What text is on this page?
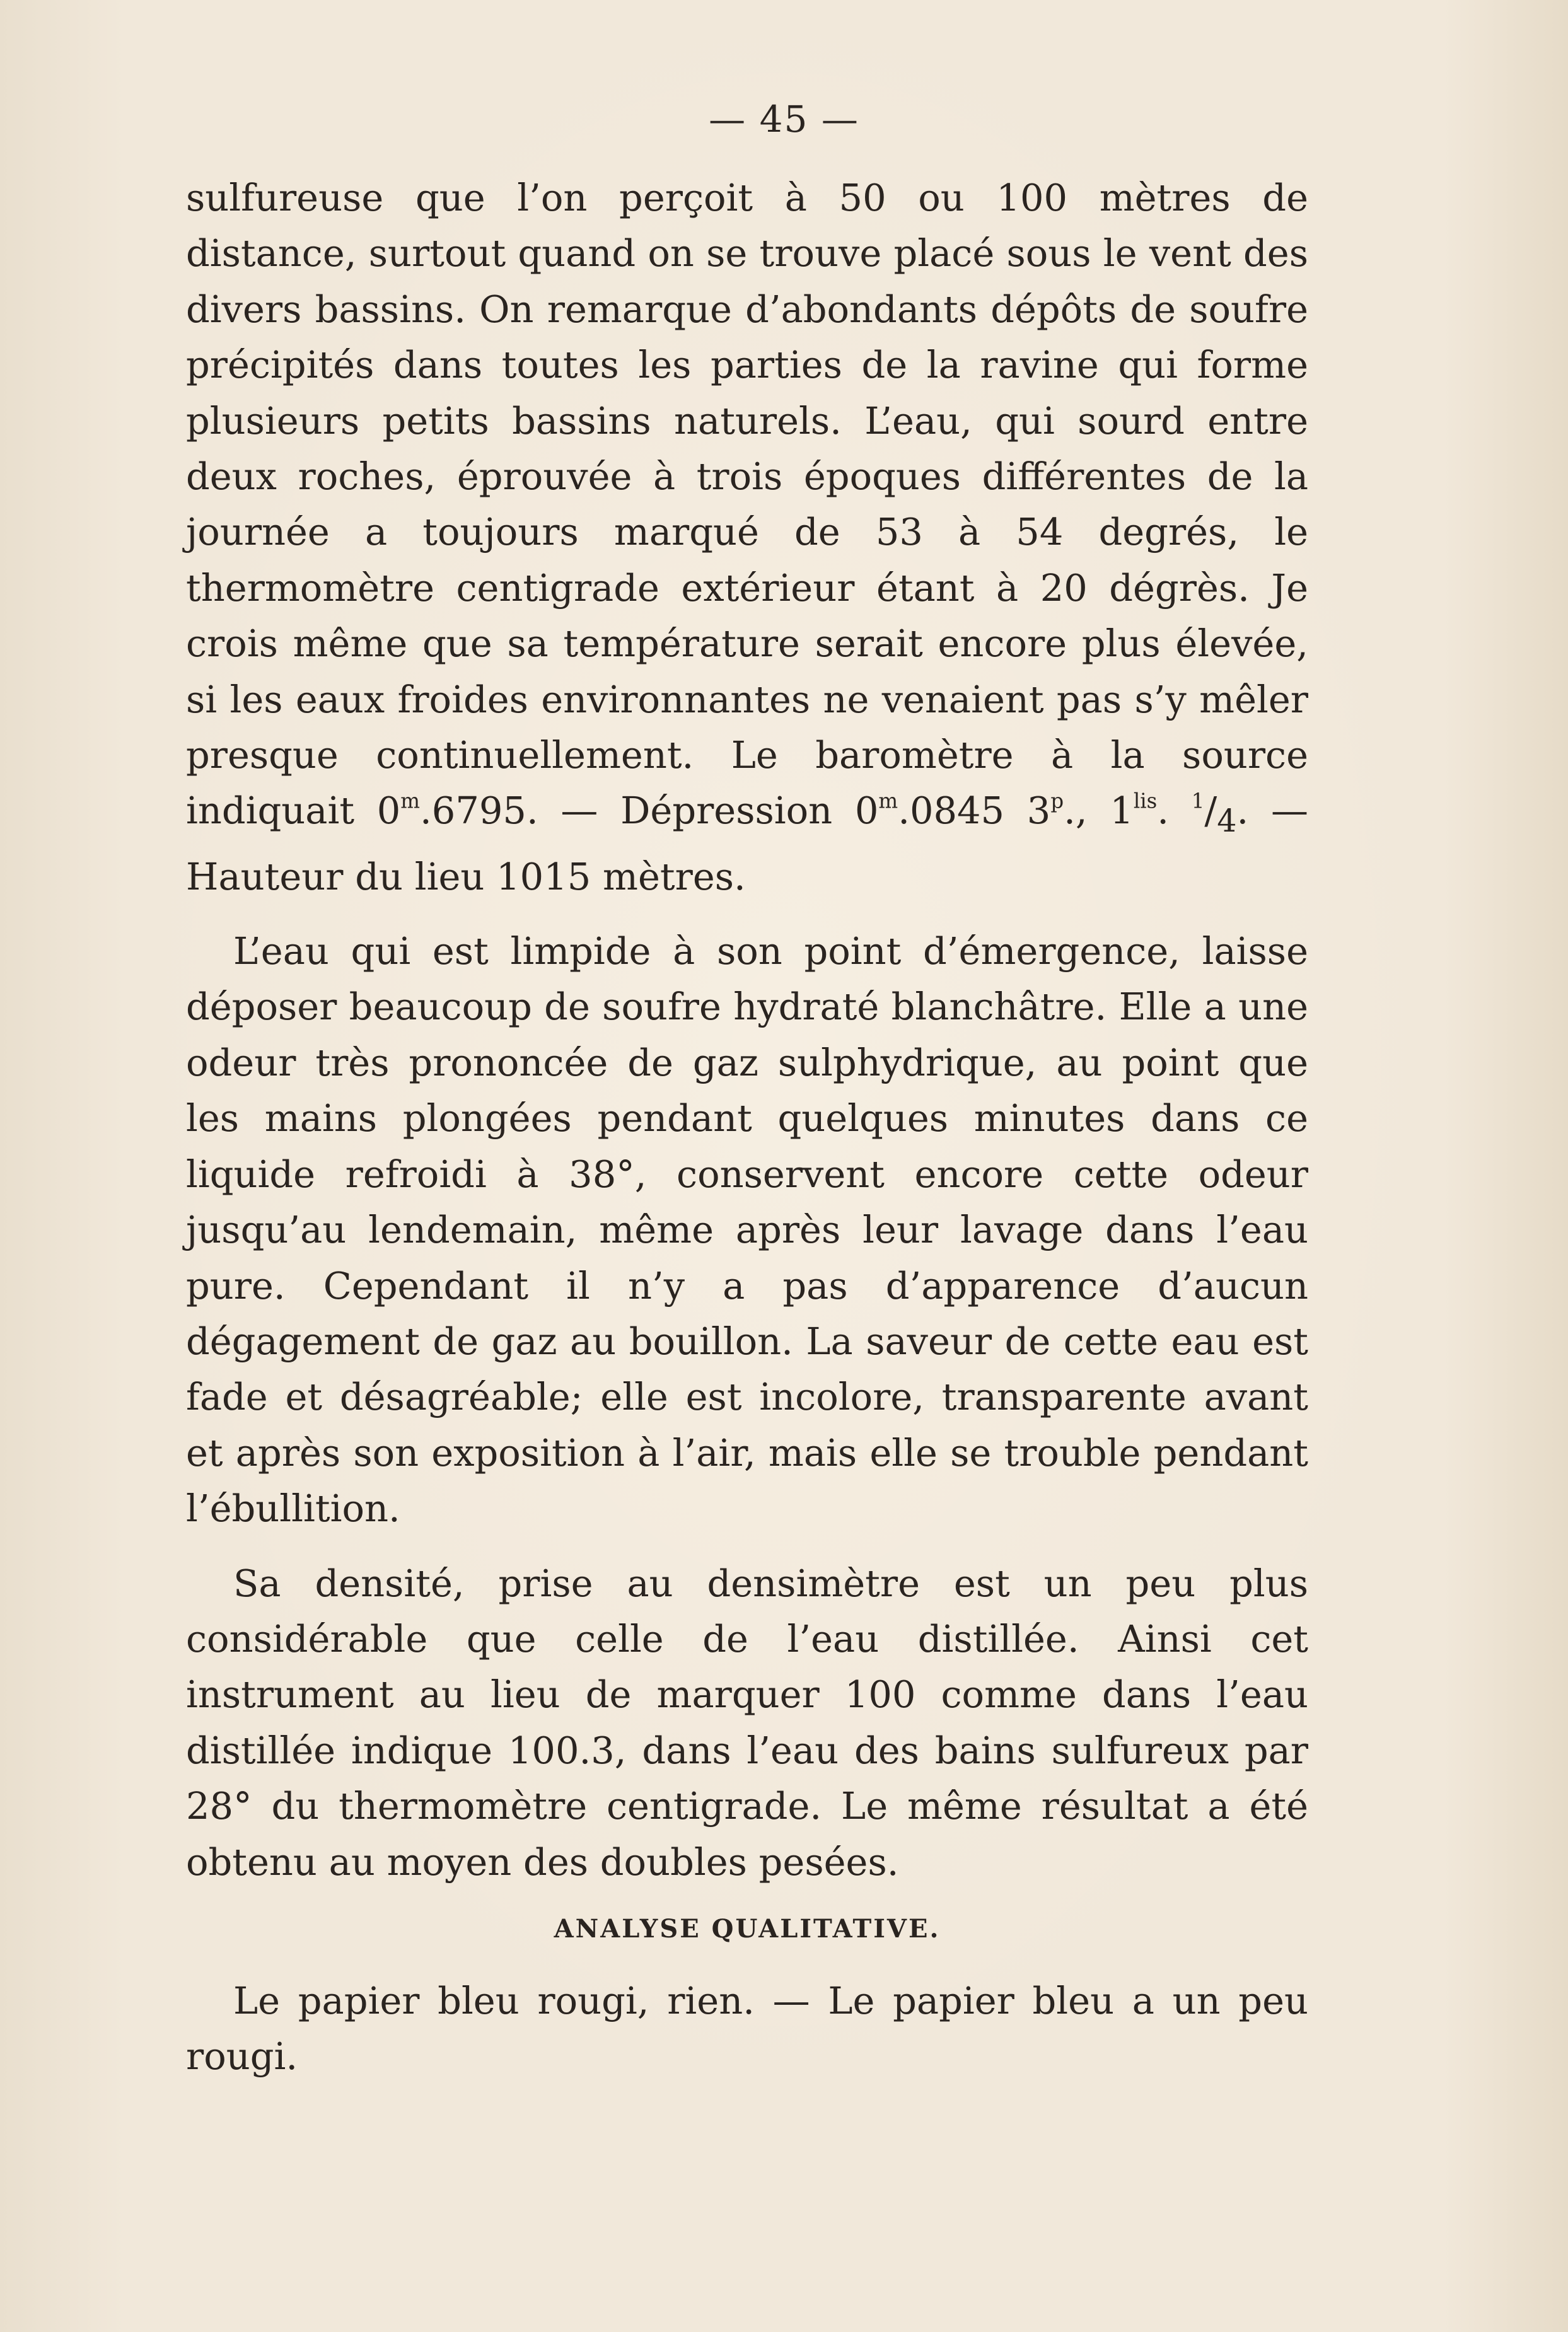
— 45 —

sulfureuse que l’on perçoit à 50 ou 100 mètres de distance, surtout quand on se trouve placé sous le vent des divers bassins. On remarque d’abondants dépôts de soufre précipités dans toutes les parties de la ravine qui forme plusieurs petits bassins naturels. L’eau, qui sourd entre deux roches, éprouvée à trois époques différentes de la journée a toujours marqué de 53 à 54 degrés, le thermomètre centigrade extérieur étant à 20 dégrès. Je crois même que sa température serait encore plus élevée, si les eaux froides environnantes ne venaient pas s’y mêler presque continuellement. Le baromètre à la source indiquait 0$^m$.6795. — Dépression 0$^m$.0845 3$^p$., $1^{lis}$. $^1/_4$. — Hauteur du lieu 1015 mètres.

L’eau qui est limpide à son point d’émergence, laisse déposer beaucoup de soufre hydraté blanchâtre. Elle a une odeur très prononcée de gaz sulphydrique, au point que les mains plongées pendant quelques minutes dans ce liquide refroidi à 38°, conservent encore cette odeur jusqu’au lendemain, même après leur lavage dans l’eau pure. Cependant il n’y a pas d’apparence d’aucun dégagement de gaz au bouillon. La saveur de cette eau est fade et désagréable; elle est incolore, transparente avant et après son exposition à l’air, mais elle se trouble pendant l’ébullition.

Sa densité, prise au densimètre est un peu plus considérable que celle de l’eau distillée. Ainsi cet instrument au lieu de marquer 100 comme dans l’eau distillée indique 100.3, dans l’eau des bains sulfureux par 28° du thermomètre centigrade. Le même résultat a été obtenu au moyen des doubles pesées.

ANALYSE QUALITATIVE.

Le papier bleu rougi, rien. — Le papier bleu a un peu rougi.
